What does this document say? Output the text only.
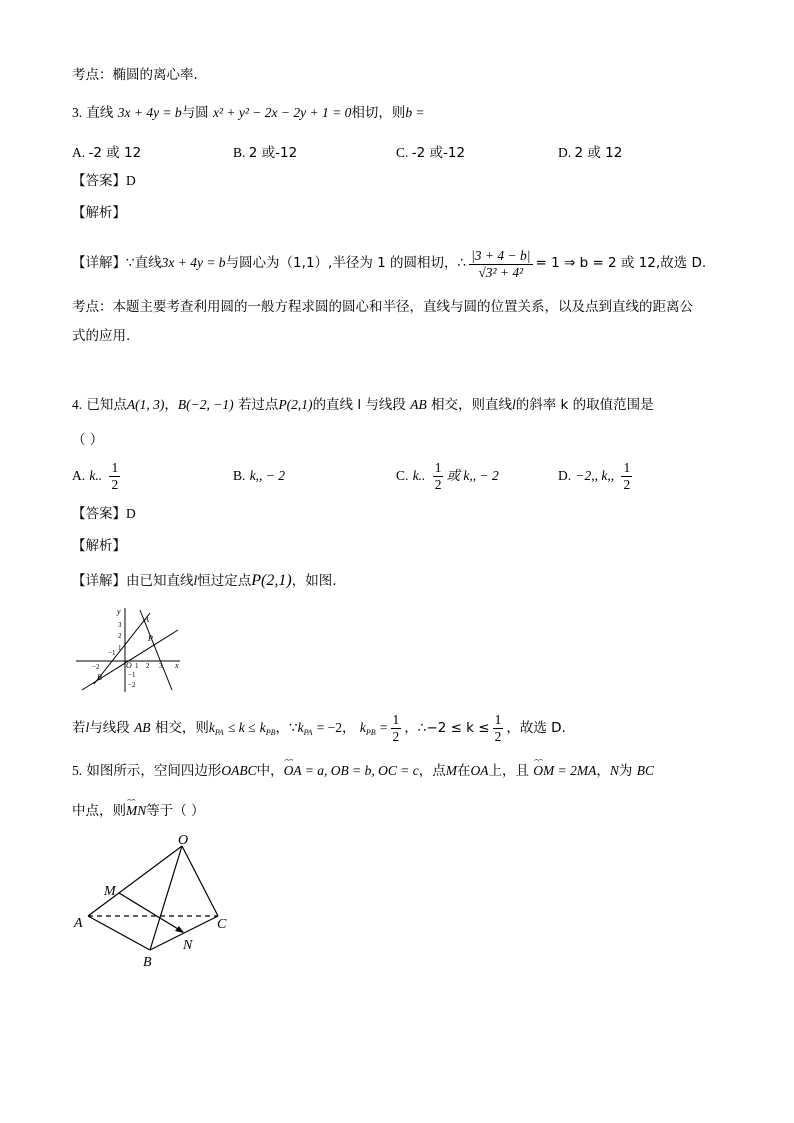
考点：椭圆的离心率.
3. 直线 3x + 4y = b与圆 x² + y² − 2x − 2y + 1 = 0相切，则b =
A. -2 或 12	B. 2 或-12	C. -2 或-12	D. 2 或 12
【答案】D
【解析】
【详解】∵直线3x + 4y = b与圆心为（1,1）,半径为 1 的圆相切，∴ $\frac{|3 + 4 - b|}{\text{√3² + 4²}} = 1$ ⇒ b = 2 或 12,故选 D.
考点：本题主要考查利用圆的一般方程求圆的圆心和半径，直线与圆的位置关系，以及点到直线的距离公
式的应用.
4. 已知点A(1, 3)，B(−2, −1) 若过点P(2,1)的直线 l 与线段 AB 相交，则直线l的斜率 k 的取值范围是
（ ）
A. k.. $\frac{1}{2}$	B. k,, − 2	C. k.. $\frac{1}{2}$ 或 k,, − 2	D. −2,, k,, $\frac{1}{2}$
【答案】D
【解析】
【详解】由已知直线l恒过定点P(2,1)，如图.
y
x
A
B
P
−2
−1
O 1 2 3
3
2
1
−1
−2
若l与线段 AB 相交，则$k_{PA} \le k \le k_{PB}$，$\because k_{PA} = -2$， $k_{PB} = \frac{1}{2}$ ，∴−2 ≤ $k \le \frac{1}{2}$ ，故选 D.
5. 如图所示，空间四边形OABC中，⌢⌢ OA = a, OB = b, OC = c，点M在OA上，且 ⌢⌢ OM = 2MA，N为 BC
中点，则⌢⌢ MN等于（ ）
O
M
A
B
C
N
